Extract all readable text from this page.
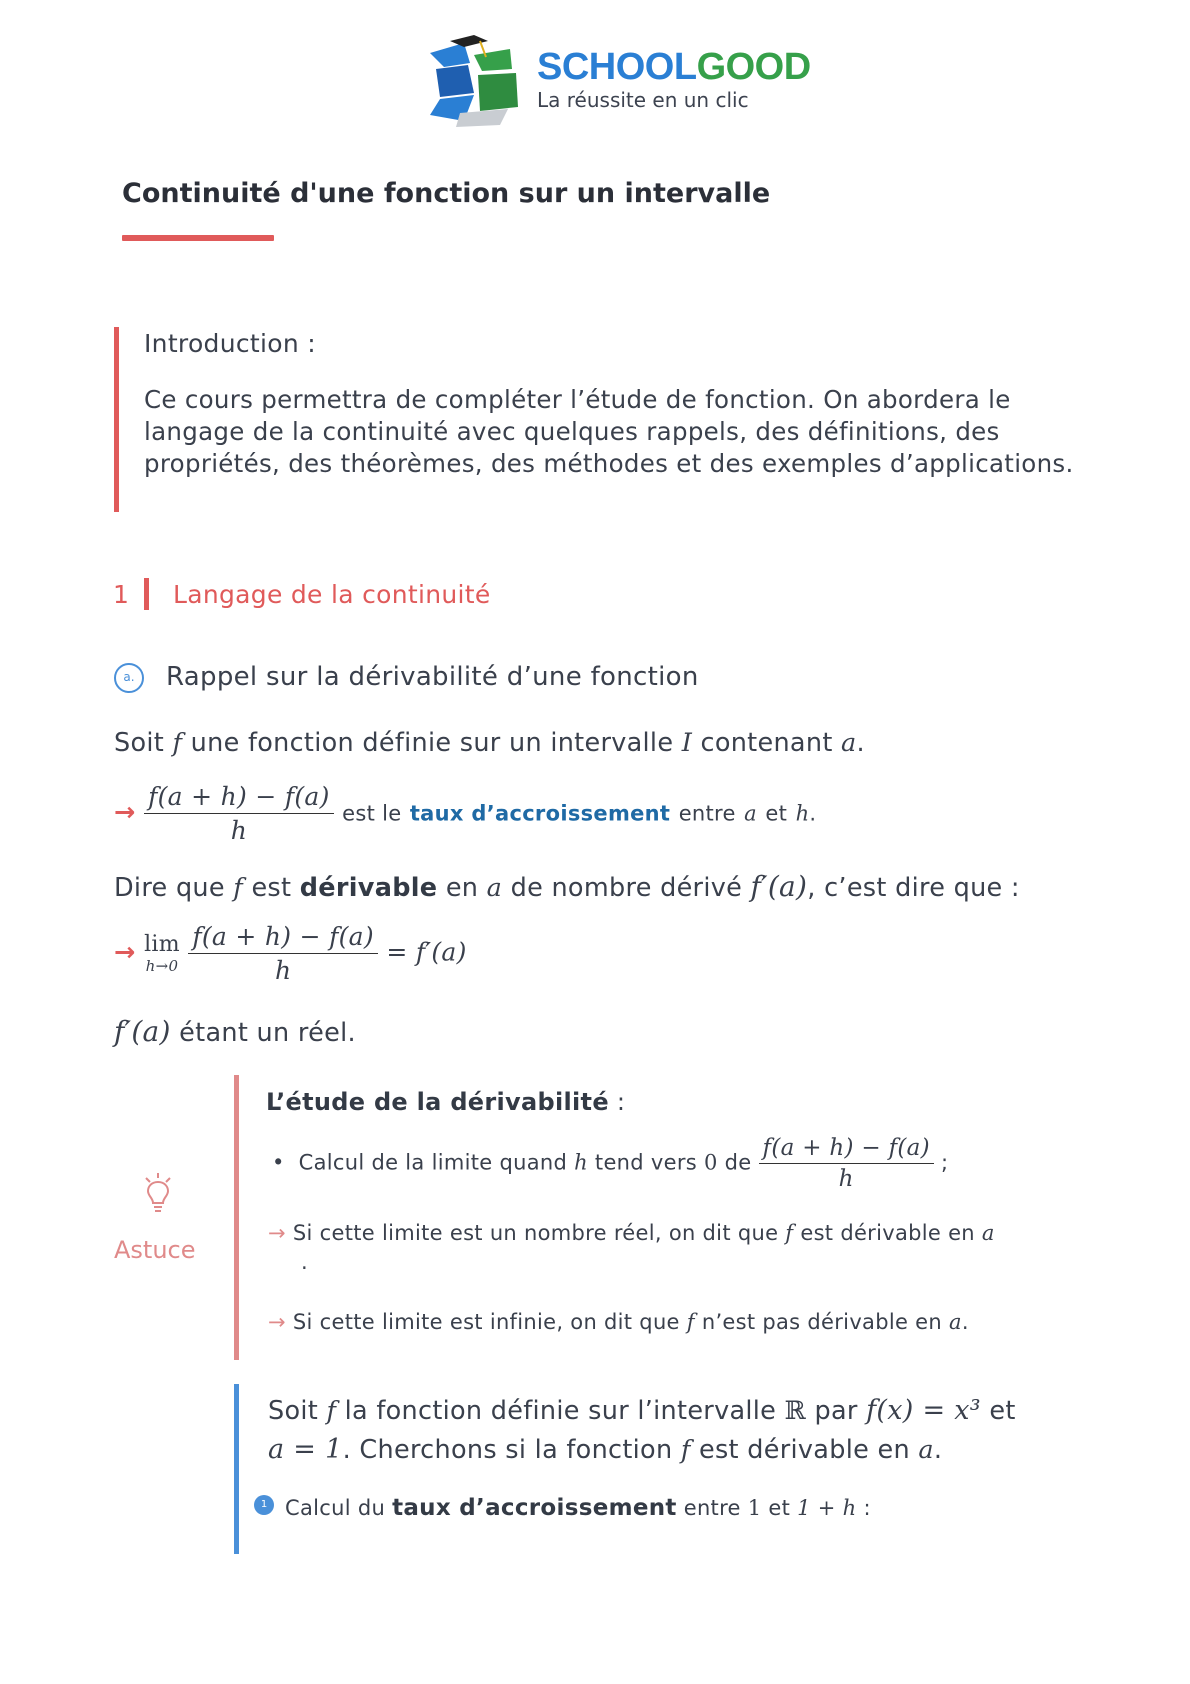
SCHOOLGOOD
La réussite en un clic
Continuité d'une fonction sur un intervalle
Introduction :
Ce cours permettra de compléter l’étude de fonction. On abordera le langage de la continuité avec quelques rappels, des définitions, des propriétés, des théorèmes, des méthodes et des exemples d’applications.
1 Langage de la continuité
a.	Rappel sur la dérivabilité d’une fonction
Soit f une fonction définie sur un intervalle I contenant a.
→ $\frac{f(a + h) - f(a)}{h}$ est le taux d’accroissement entre a et h.
Dire que f est dérivable en a de nombre dérivé f′(a), c’est dire que :
→ lim
h→0
$\frac{f(a + h) - f(a)}{h} = f'(a)$
f′(a) étant un réel.
Astuce
L’étude de la dérivabilité :
• Calcul de la limite quand h tend vers 0 de $\frac{f(a + h) - f(a)}{h}$ ;
→ Si cette limite est un nombre réel, on dit que f est dérivable en a
.
→ Si cette limite est infinie, on dit que f n’est pas dérivable en a.
Soit f la fonction définie sur l’intervalle ℝ par f(x) = x³ et
a = 1. Cherchons si la fonction f est dérivable en a.
1 Calcul du taux d’accroissement entre 1 et 1 + h :
